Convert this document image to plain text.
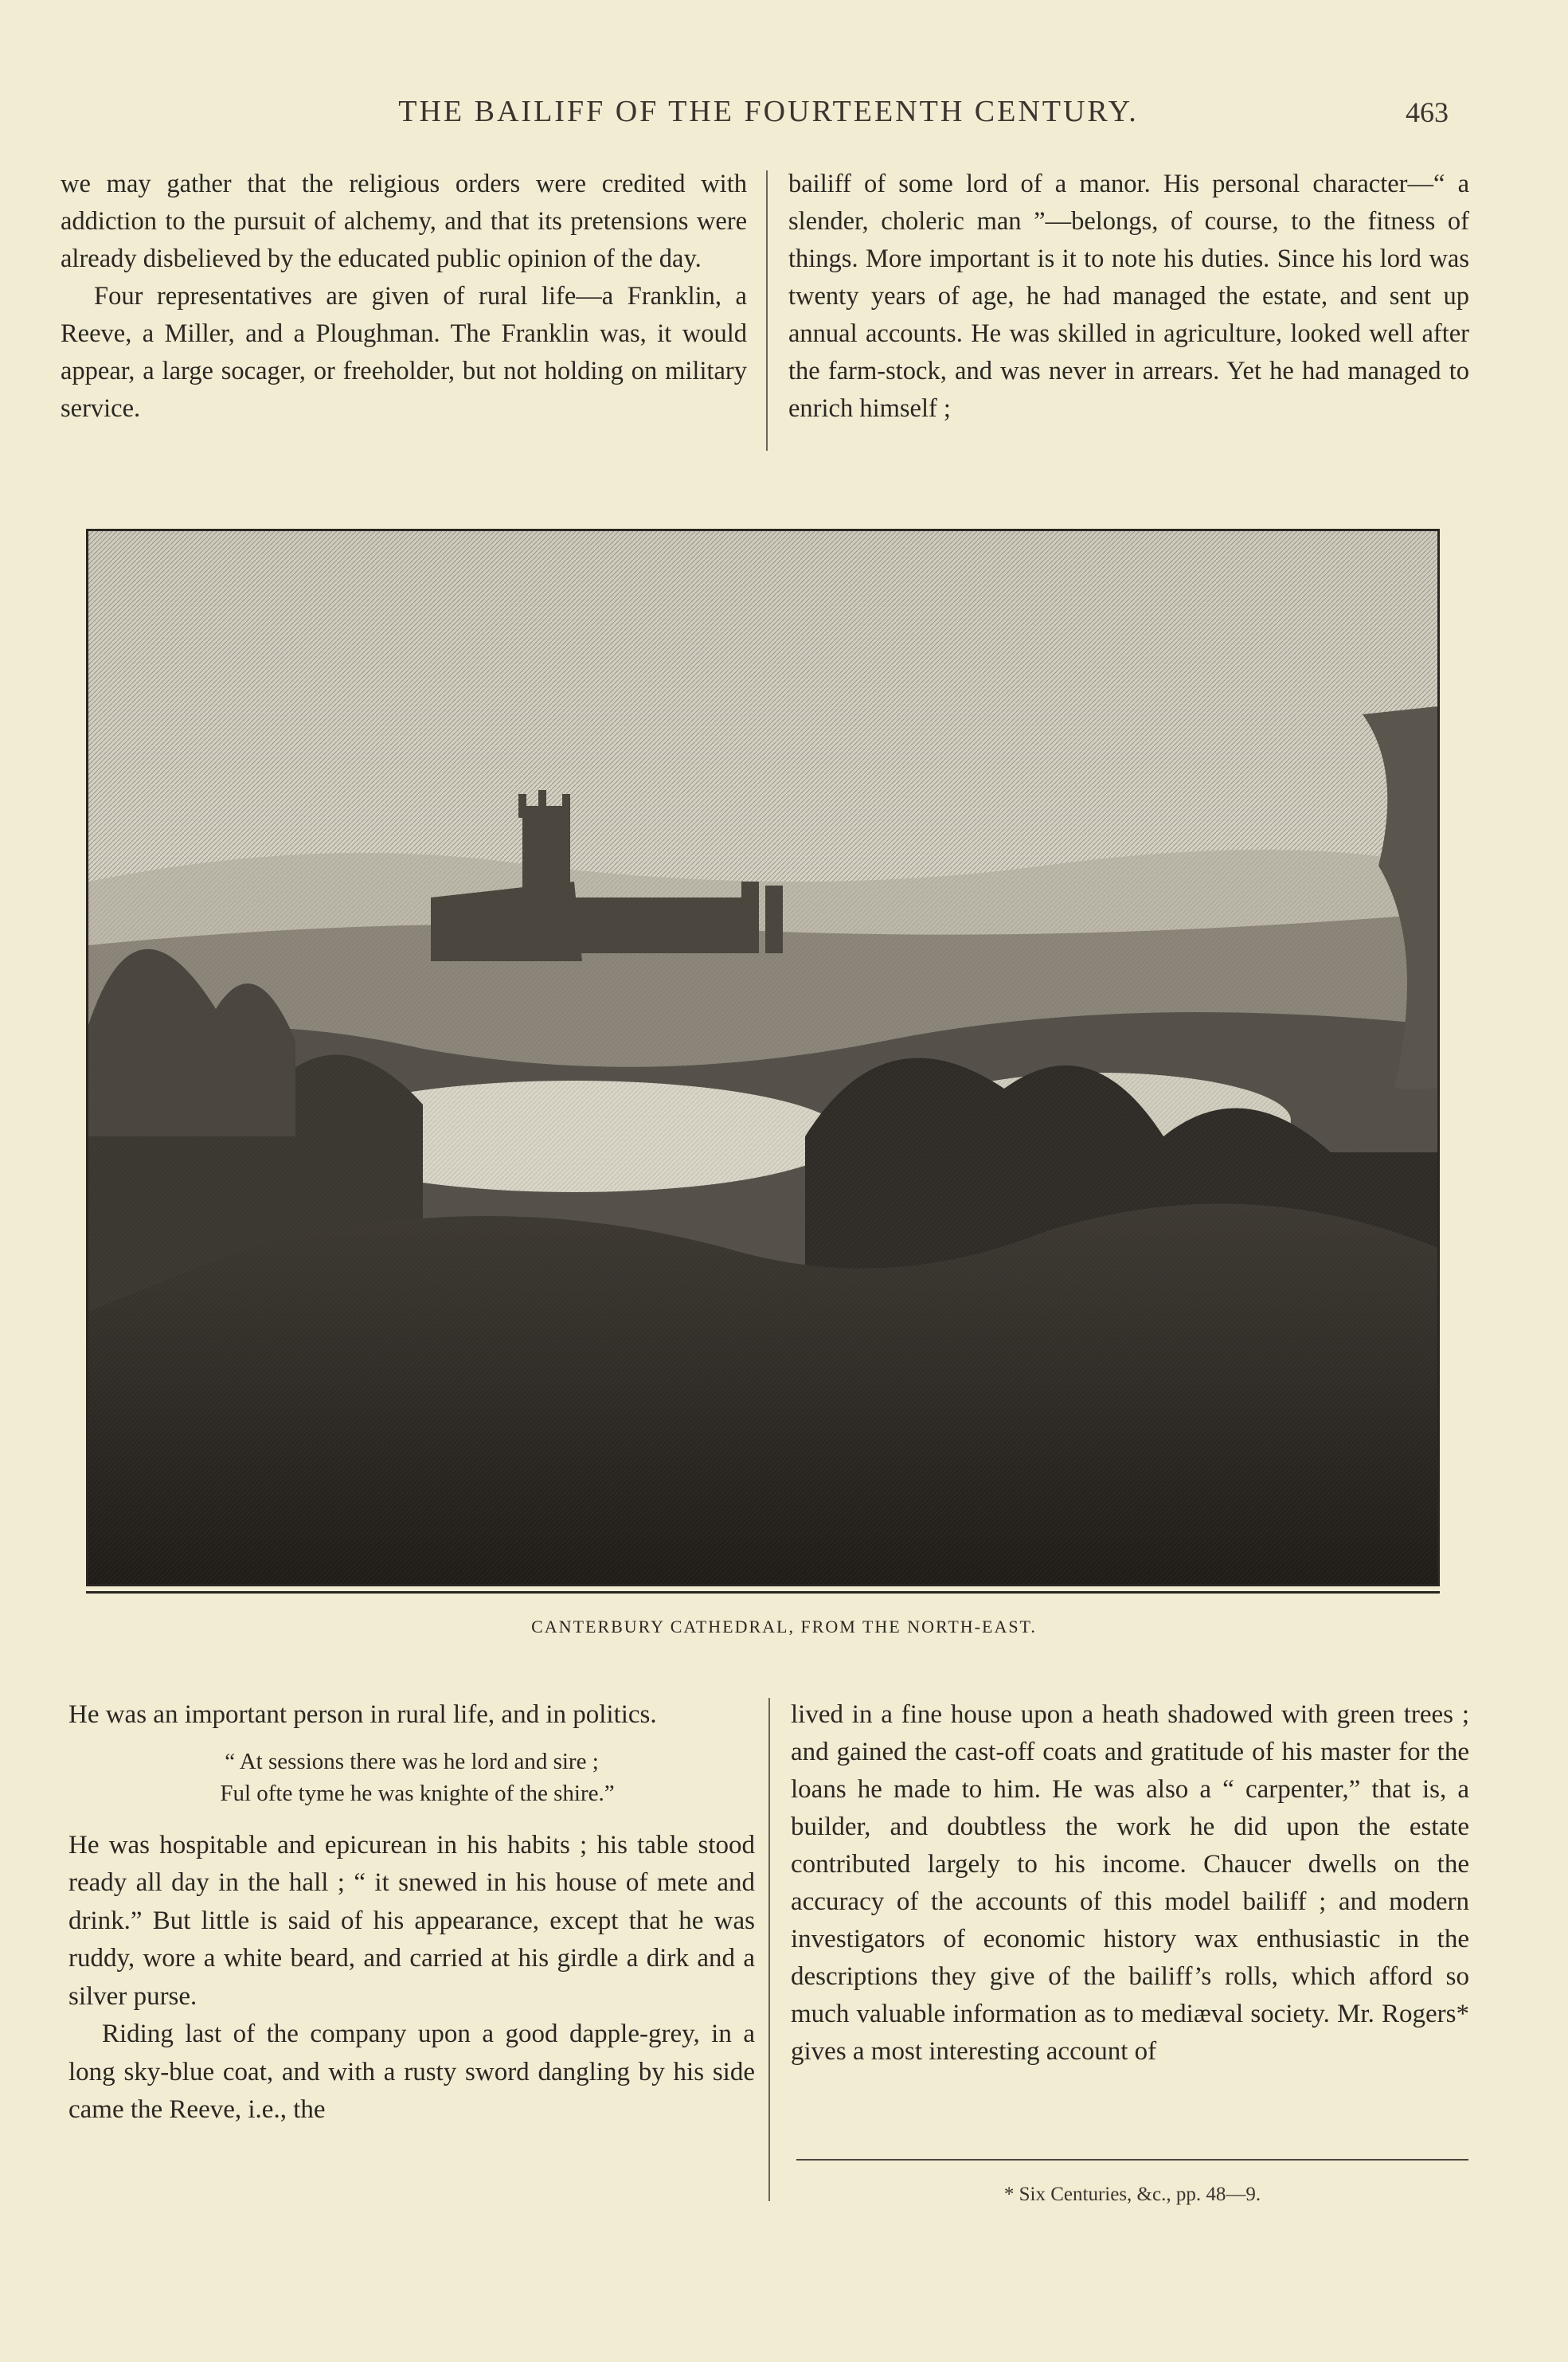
THE BAILIFF OF THE FOURTEENTH CENTURY.	463

we may gather that the religious orders were credited with addiction to the pursuit of alchemy, and that its pretensions were already disbelieved by the educated public opinion of the day.

Four representatives are given of rural life—a Franklin, a Reeve, a Miller, and a Ploughman. The Franklin was, it would appear, a large socager, or freeholder, but not holding on military service.

bailiff of some lord of a manor. His personal character—“ a slender, choleric man ”—belongs, of course, to the fitness of things. More important is it to note his duties. Since his lord was twenty years of age, he had managed the estate, and sent up annual accounts. He was skilled in agriculture, looked well after the farm-stock, and was never in arrears. Yet he had managed to enrich himself ;

CANTERBURY CATHEDRAL, FROM THE NORTH-EAST.

He was an important person in rural life, and in politics.

“ At sessions there was he lord and sire ;
Ful ofte tyme he was knighte of the shire.”

He was hospitable and epicurean in his habits ; his table stood ready all day in the hall ; “ it snewed in his house of mete and drink.” But little is said of his appearance, except that he was ruddy, wore a white beard, and carried at his girdle a dirk and a silver purse.

Riding last of the company upon a good dapple-grey, in a long sky-blue coat, and with a rusty sword dangling by his side came the Reeve, i.e., the

lived in a fine house upon a heath shadowed with green trees ; and gained the cast-off coats and gratitude of his master for the loans he made to him. He was also a “ carpenter,” that is, a builder, and doubtless the work he did upon the estate contributed largely to his income. Chaucer dwells on the accuracy of the accounts of this model bailiff ; and modern investigators of economic history wax enthusiastic in the descriptions they give of the bailiff’s rolls, which afford so much valuable information as to mediæval society. Mr. Rogers* gives a most interesting account of

* Six Centuries, &c., pp. 48—9.
